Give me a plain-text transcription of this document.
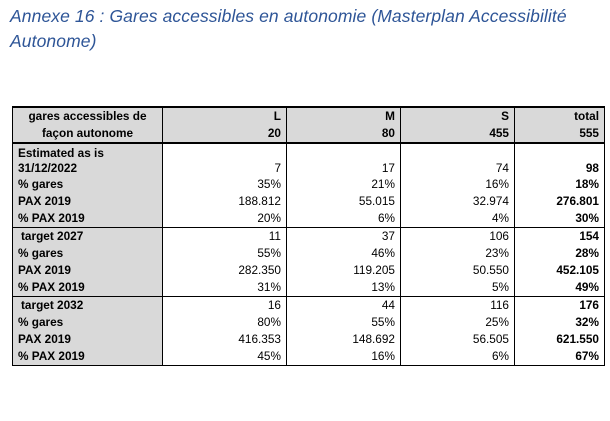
Annexe 16 : Gares accessibles en autonomie (Masterplan Accessibilité
Autonome)
gares accessibles de	L	M	S	total
façon autonome	20	80	455	555
Estimated as is 31/12/2022	7	17	74	98
% gares	35%	21%	16%	18%
PAX 2019	188.812	55.015	32.974	276.801
% PAX 2019	20%	6%	4%	30%
target 2027	11	37	106	154
% gares	55%	46%	23%	28%
PAX 2019	282.350	119.205	50.550	452.105
% PAX 2019	31%	13%	5%	49%
target 2032	16	44	116	176
% gares	80%	55%	25%	32%
PAX 2019	416.353	148.692	56.505	621.550
% PAX 2019	45%	16%	6%	67%
